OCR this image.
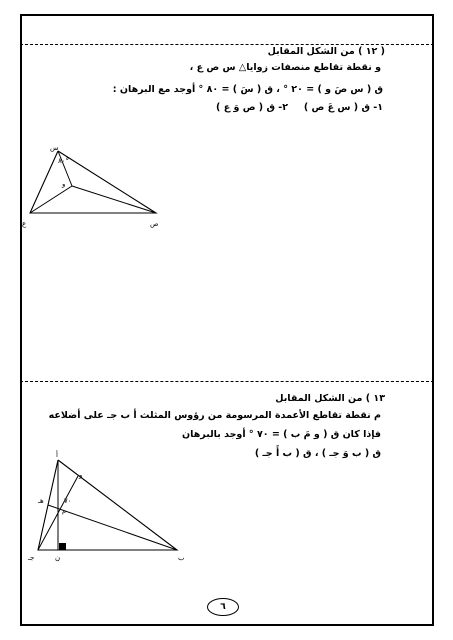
( ١٢ ) من الشكل المقابل
و نقطة تقاطع منصفات زوايا△ س ص ع ،
ق ( س صَ و ) = ٢٠ ° ، ق ( سَ ) = ٨٠ ° أوجد مع البرهان :
١- ق ( س عَ ص )
٢- ق ( ص وَ ع )
س
و
ع	ص
٨٠°
١٣ ) من الشكل المقابل
م نقطة تقاطع الأعمدة المرسومة من رؤوس المثلث أ ب جـ على أضلاعه
فإذا كان ق ( و مَ ب ) = ٧٠ ° أوجد بالبرهان
ق ( ب وَ جـ ) ، ق ( ب أَ جـ )
أ
ب
جـ
و
هـ
م
ن
٧٠
٦
